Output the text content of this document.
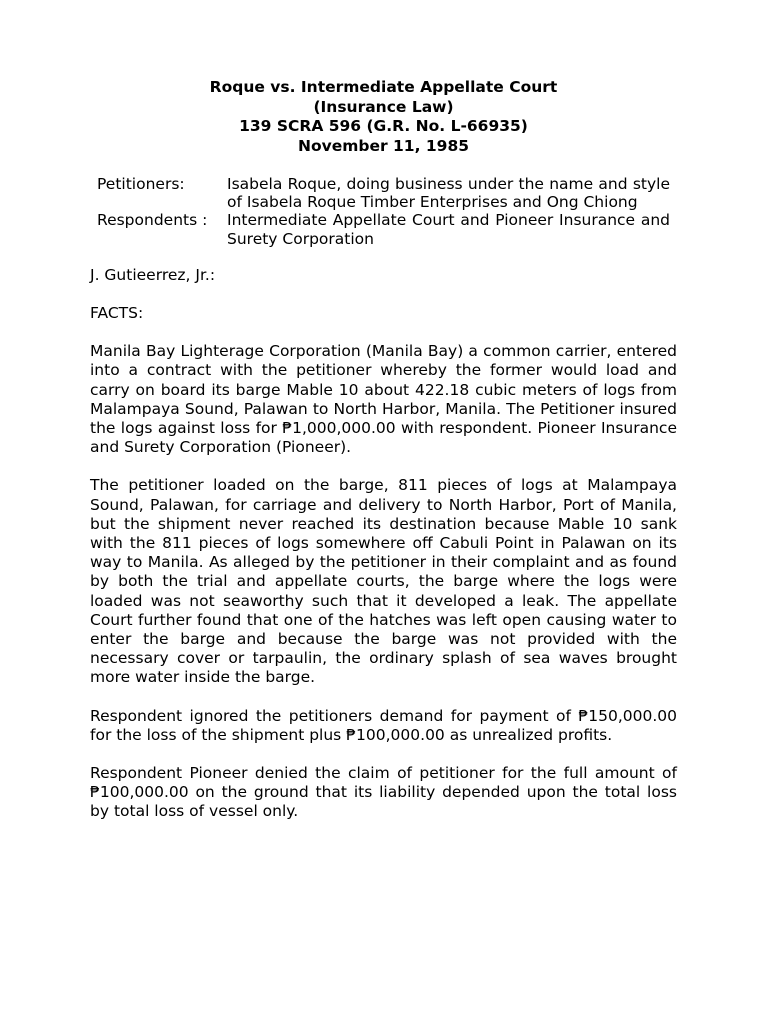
Roque vs. Intermediate Appellate Court
(Insurance Law)
139 SCRA 596 (G.R. No. L-66935)
November 11, 1985
Petitioners:	Isabela Roque, doing business under the name and style of Isabela Roque Timber Enterprises and Ong Chiong
Respondents :	Intermediate Appellate Court and Pioneer Insurance and Surety Corporation
J. Gutieerrez, Jr.:
FACTS:

Manila Bay Lighterage Corporation (Manila Bay) a common carrier, entered into a contract with the petitioner whereby the former would load and carry on board its barge Mable 10 about 422.18 cubic meters of logs from Malampaya Sound, Palawan to North Harbor, Manila. The Petitioner insured the logs against loss for ₱1,000,000.00 with respondent. Pioneer Insurance and Surety Corporation (Pioneer).

The petitioner loaded on the barge, 811 pieces of logs at Malampaya Sound, Palawan, for carriage and delivery to North Harbor, Port of Manila, but the shipment never reached its destination because Mable 10 sank with the 811 pieces of logs somewhere off Cabuli Point in Palawan on its way to Manila. As alleged by the petitioner in their complaint and as found by both the trial and appellate courts, the barge where the logs were loaded was not seaworthy such that it developed a leak. The appellate Court further found that one of the hatches was left open causing water to enter the barge and because the barge was not provided with the necessary cover or tarpaulin, the ordinary splash of sea waves brought more water inside the barge.

Respondent ignored the petitioners demand for payment of ₱150,000.00 for the loss of the shipment plus ₱100,000.00 as unrealized profits.

Respondent Pioneer denied the claim of petitioner for the full amount of ₱100,000.00 on the ground that its liability depended upon the total loss by total loss of vessel only.
